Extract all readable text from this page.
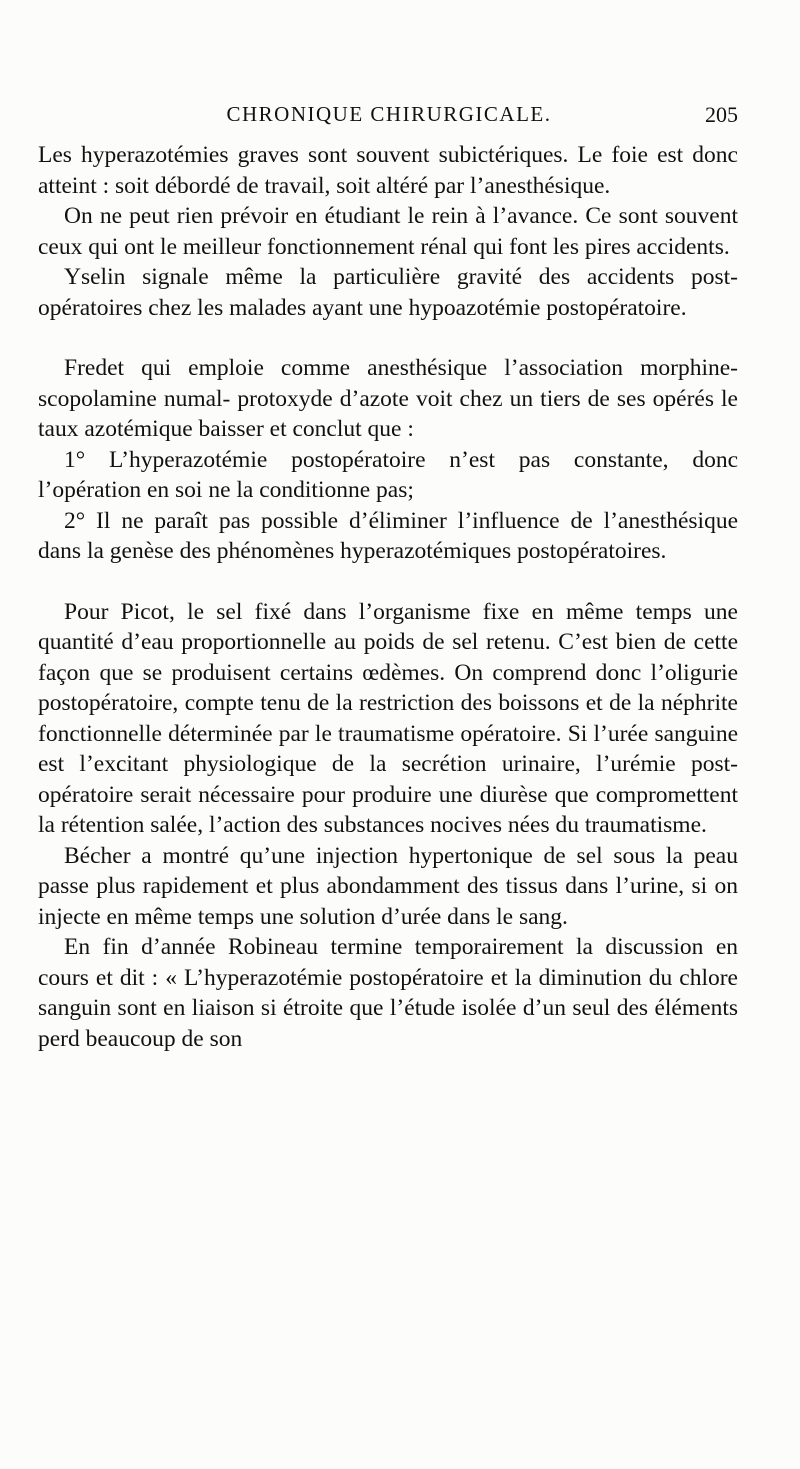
CHRONIQUE CHIRURGICALE.	205

Les hyperazotémies graves sont souvent subictériques. Le foie est donc atteint : soit débordé de travail, soit altéré par l’anesthésique.

On ne peut rien prévoir en étudiant le rein à l’avance. Ce sont souvent ceux qui ont le meilleur fonctionnement rénal qui font les pires accidents.

Yselin signale même la particulière gravité des accidents postopératoires chez les malades ayant une hypoazotémie postopératoire.

Fredet qui emploie comme anesthésique l’association morphine-scopolamine numal- protoxyde d’azote voit chez un tiers de ses opérés le taux azotémique baisser et conclut que :

1° L’hyperazotémie postopératoire n’est pas constante, donc l’opération en soi ne la conditionne pas;

2° Il ne paraît pas possible d’éliminer l’influence de l’anesthésique dans la genèse des phénomènes hyperazotémiques postopératoires.

Pour Picot, le sel fixé dans l’organisme fixe en même temps une quantité d’eau proportionnelle au poids de sel retenu. C’est bien de cette façon que se produisent certains œdèmes. On comprend donc l’oligurie postopératoire, compte tenu de la restriction des boissons et de la néphrite fonctionnelle déterminée par le traumatisme opératoire. Si l’urée sanguine est l’excitant physiologique de la secrétion urinaire, l’urémie postopératoire serait nécessaire pour produire une diurèse que compromettent la rétention salée, l’action des substances nocives nées du traumatisme.

Bécher a montré qu’une injection hypertonique de sel sous la peau passe plus rapidement et plus abondamment des tissus dans l’urine, si on injecte en même temps une solution d’urée dans le sang.

En fin d’année Robineau termine temporairement la discussion en cours et dit : « L’hyperazotémie postopératoire et la diminution du chlore sanguin sont en liaison si étroite que l’étude isolée d’un seul des éléments perd beaucoup de son
